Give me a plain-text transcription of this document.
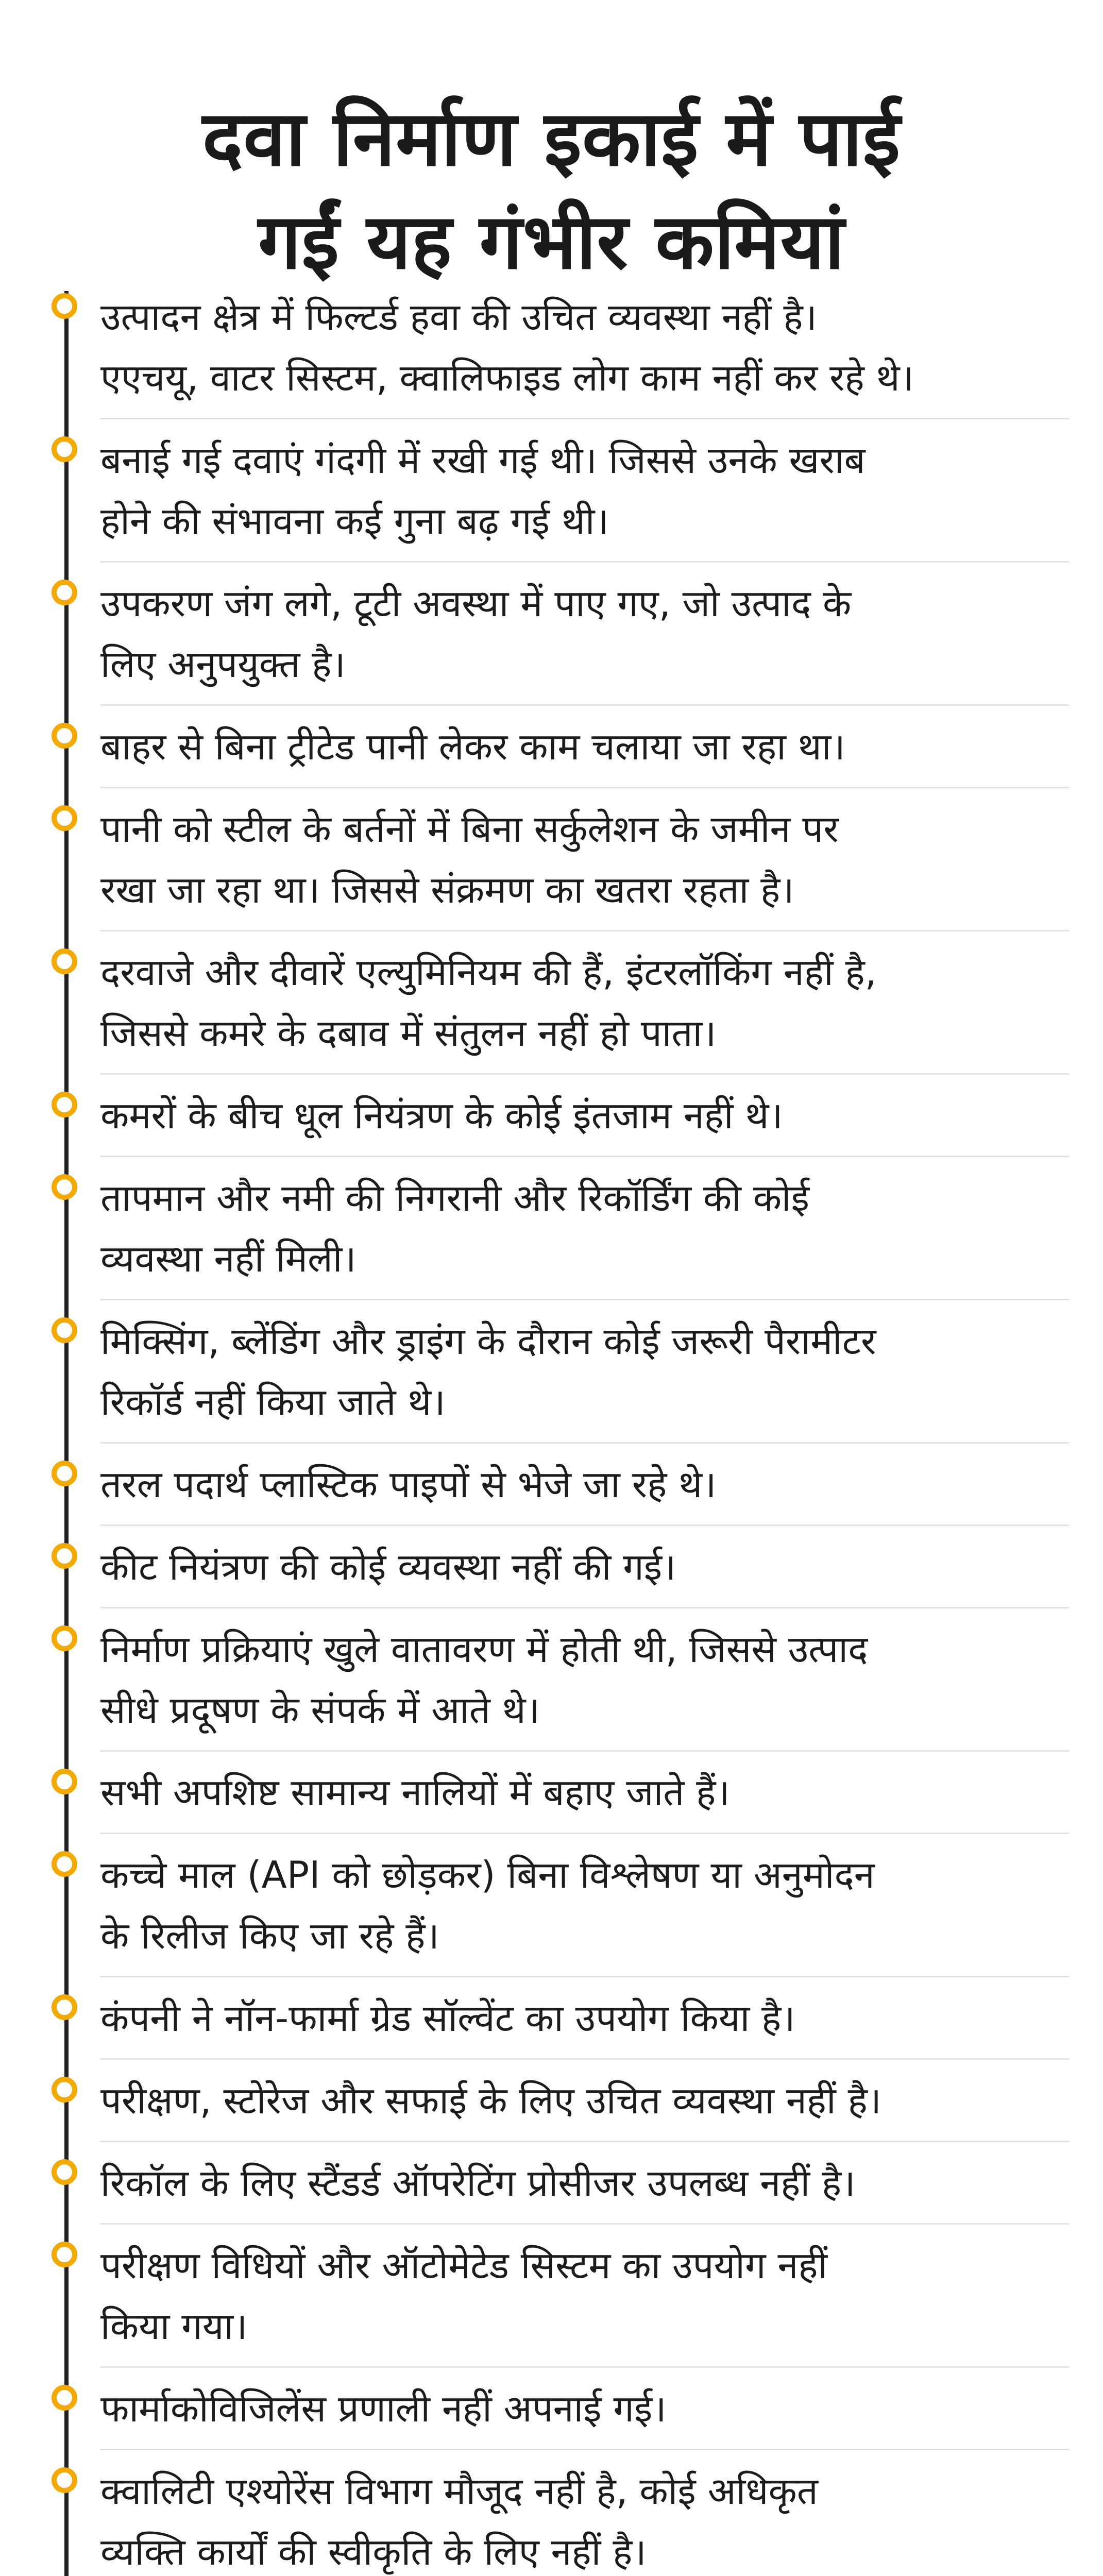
दवा निर्माण इकाई में पाई
गईं यह गंभीर कमियां
उत्पादन क्षेत्र में फिल्टर्ड हवा की उचित व्यवस्था नहीं है।
एएचयू, वाटर सिस्टम, क्वालिफाइड लोग काम नहीं कर रहे थे।
बनाई गई दवाएं गंदगी में रखी गई थी। जिससे उनके खराब
होने की संभावना कई गुना बढ़ गई थी।
उपकरण जंग लगे, टूटी अवस्था में पाए गए, जो उत्पाद के
लिए अनुपयुक्त है।
बाहर से बिना ट्रीटेड पानी लेकर काम चलाया जा रहा था।
पानी को स्टील के बर्तनों में बिना सर्कुलेशन के जमीन पर
रखा जा रहा था। जिससे संक्रमण का खतरा रहता है।
दरवाजे और दीवारें एल्युमिनियम की हैं, इंटरलॉकिंग नहीं है,
जिससे कमरे के दबाव में संतुलन नहीं हो पाता।
कमरों के बीच धूल नियंत्रण के कोई इंतजाम नहीं थे।
तापमान और नमी की निगरानी और रिकॉर्डिंग की कोई
व्यवस्था नहीं मिली।
मिक्सिंग, ब्लेंडिंग और ड्राइंग के दौरान कोई जरूरी पैरामीटर
रिकॉर्ड नहीं किया जाते थे।
तरल पदार्थ प्लास्टिक पाइपों से भेजे जा रहे थे।
कीट नियंत्रण की कोई व्यवस्था नहीं की गई।
निर्माण प्रक्रियाएं खुले वातावरण में होती थी, जिससे उत्पाद
सीधे प्रदूषण के संपर्क में आते थे।
सभी अपशिष्ट सामान्य नालियों में बहाए जाते हैं।
कच्चे माल (API को छोड़कर) बिना विश्लेषण या अनुमोदन
के रिलीज किए जा रहे हैं।
कंपनी ने नॉन-फार्मा ग्रेड सॉल्वेंट का उपयोग किया है।
परीक्षण, स्टोरेज और सफाई के लिए उचित व्यवस्था नहीं है।
रिकॉल के लिए स्टैंडर्ड ऑपरेटिंग प्रोसीजर उपलब्ध नहीं है।
परीक्षण विधियों और ऑटोमेटेड सिस्टम का उपयोग नहीं
किया गया।
फार्माकोविजिलेंस प्रणाली नहीं अपनाई गई।
क्वालिटी एश्योरेंस विभाग मौजूद नहीं है, कोई अधिकृत
व्यक्ति कार्यों की स्वीकृति के लिए नहीं है।
